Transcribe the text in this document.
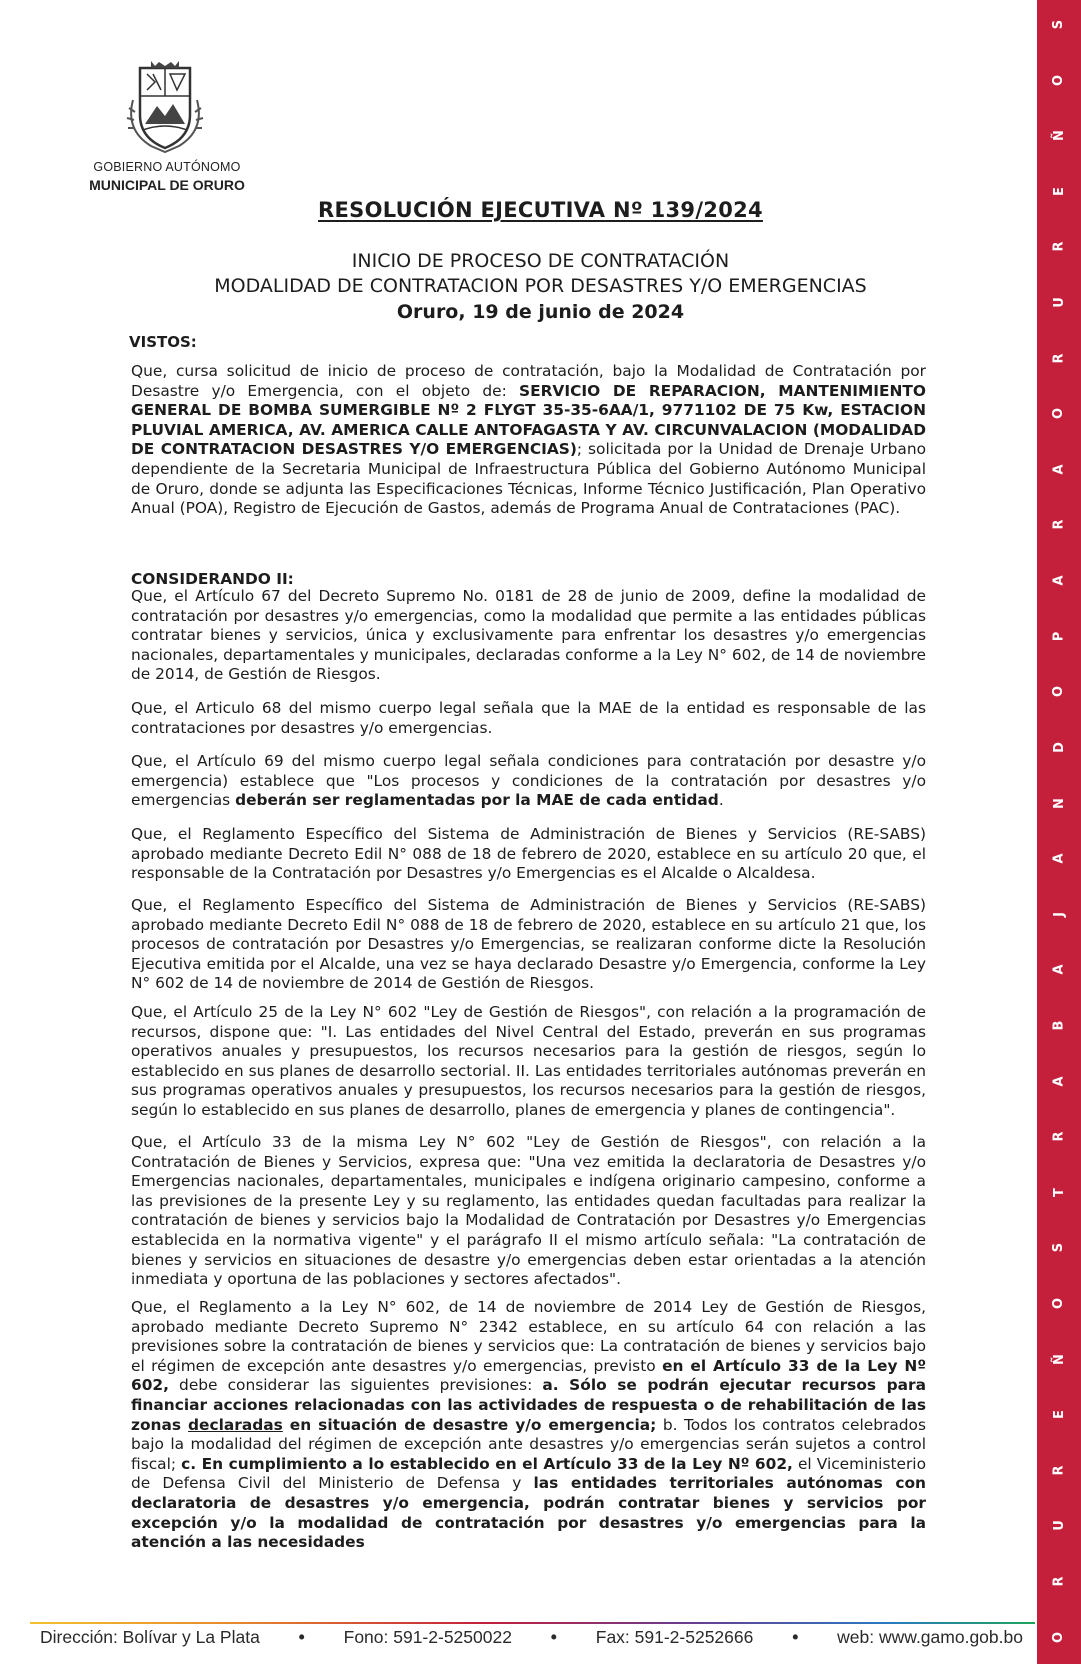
GOBIERNO AUTÓNOMO
MUNICIPAL DE ORURO
RESOLUCIÓN EJECUTIVA Nº 139/2024
INICIO DE PROCESO DE CONTRATACIÓN
MODALIDAD DE CONTRATACION POR DESASTRES Y/O EMERGENCIAS
Oruro, 19 de junio de 2024
VISTOS:
Que, cursa solicitud de inicio de proceso de contratación, bajo la Modalidad de Contratación por Desastre y/o Emergencia, con el objeto de: SERVICIO DE REPARACION, MANTENIMIENTO GENERAL DE BOMBA SUMERGIBLE Nº 2 FLYGT 35-35-6AA/1, 9771102 DE 75 Kw, ESTACION PLUVIAL AMERICA, AV. AMERICA CALLE ANTOFAGASTA Y AV. CIRCUNVALACION (MODALIDAD DE CONTRATACION DESASTRES Y/O EMERGENCIAS); solicitada por la Unidad de Drenaje Urbano dependiente de la Secretaria Municipal de Infraestructura Pública del Gobierno Autónomo Municipal de Oruro, donde se adjunta las Especificaciones Técnicas, Informe Técnico Justificación, Plan Operativo Anual (POA), Registro de Ejecución de Gastos, además de Programa Anual de Contrataciones (PAC).
CONSIDERANDO II:
Que, el Artículo 67 del Decreto Supremo No. 0181 de 28 de junio de 2009, define la modalidad de contratación por desastres y/o emergencias, como la modalidad que permite a las entidades públicas contratar bienes y servicios, única y exclusivamente para enfrentar los desastres y/o emergencias nacionales, departamentales y municipales, declaradas conforme a la Ley N° 602, de 14 de noviembre de 2014, de Gestión de Riesgos.
Que, el Articulo 68 del mismo cuerpo legal señala que la MAE de la entidad es responsable de las contrataciones por desastres y/o emergencias.
Que, el Artículo 69 del mismo cuerpo legal señala condiciones para contratación por desastre y/o emergencia) establece que "Los procesos y condiciones de la contratación por desastres y/o emergencias deberán ser reglamentadas por la MAE de cada entidad.
Que, el Reglamento Específico del Sistema de Administración de Bienes y Servicios (RE-SABS) aprobado mediante Decreto Edil N° 088 de 18 de febrero de 2020, establece en su artículo 20 que, el responsable de la Contratación por Desastres y/o Emergencias es el Alcalde o Alcaldesa.
Que, el Reglamento Específico del Sistema de Administración de Bienes y Servicios (RE-SABS) aprobado mediante Decreto Edil N° 088 de 18 de febrero de 2020, establece en su artículo 21 que, los procesos de contratación por Desastres y/o Emergencias, se realizaran conforme dicte la Resolución Ejecutiva emitida por el Alcalde, una vez se haya declarado Desastre y/o Emergencia, conforme la Ley N° 602 de 14 de noviembre de 2014 de Gestión de Riesgos.
Que, el Artículo 25 de la Ley N° 602 "Ley de Gestión de Riesgos", con relación a la programación de recursos, dispone que: "I. Las entidades del Nivel Central del Estado, preverán en sus programas operativos anuales y presupuestos, los recursos necesarios para la gestión de riesgos, según lo establecido en sus planes de desarrollo sectorial. II. Las entidades territoriales autónomas preverán en sus programas operativos anuales y presupuestos, los recursos necesarios para la gestión de riesgos, según lo establecido en sus planes de desarrollo, planes de emergencia y planes de contingencia".
Que, el Artículo 33 de la misma Ley N° 602 "Ley de Gestión de Riesgos", con relación a la Contratación de Bienes y Servicios, expresa que: "Una vez emitida la declaratoria de Desastres y/o Emergencias nacionales, departamentales, municipales e indígena originario campesino, conforme a las previsiones de la presente Ley y su reglamento, las entidades quedan facultadas para realizar la contratación de bienes y servicios bajo la Modalidad de Contratación por Desastres y/o Emergencias establecida en la normativa vigente" y el parágrafo II el mismo artículo señala: "La contratación de bienes y servicios en situaciones de desastre y/o emergencias deben estar orientadas a la atención inmediata y oportuna de las poblaciones y sectores afectados".
Que, el Reglamento a la Ley N° 602, de 14 de noviembre de 2014 Ley de Gestión de Riesgos, aprobado mediante Decreto Supremo N° 2342 establece, en su artículo 64 con relación a las previsiones sobre la contratación de bienes y servicios que: La contratación de bienes y servicios bajo el régimen de excepción ante desastres y/o emergencias, previsto en el Artículo 33 de la Ley Nº 602, debe considerar las siguientes previsiones: a. Sólo se podrán ejecutar recursos para financiar acciones relacionadas con las actividades de respuesta o de rehabilitación de las zonas declaradas en situación de desastre y/o emergencia; b. Todos los contratos celebrados bajo la modalidad del régimen de excepción ante desastres y/o emergencias serán sujetos a control fiscal; c. En cumplimiento a lo establecido en el Artículo 33 de la Ley Nº 602, el Viceministerio de Defensa Civil del Ministerio de Defensa y las entidades territoriales autónomas con declaratoria de desastres y/o emergencia, podrán contratar bienes y servicios por excepción y/o la modalidad de contratación por desastres y/o emergencias para la atención a las necesidades
S
O
Ñ
E
R
U
R
O
A
R
A
P
O
D
N
A
J
A
B
A
R
T
S
O
Ñ
E
R
U
R
O
Dirección: Bolívar y La Plata • Fono: 591-2-5250022 • Fax: 591-2-5252666 • web: www.gamo.gob.bo
